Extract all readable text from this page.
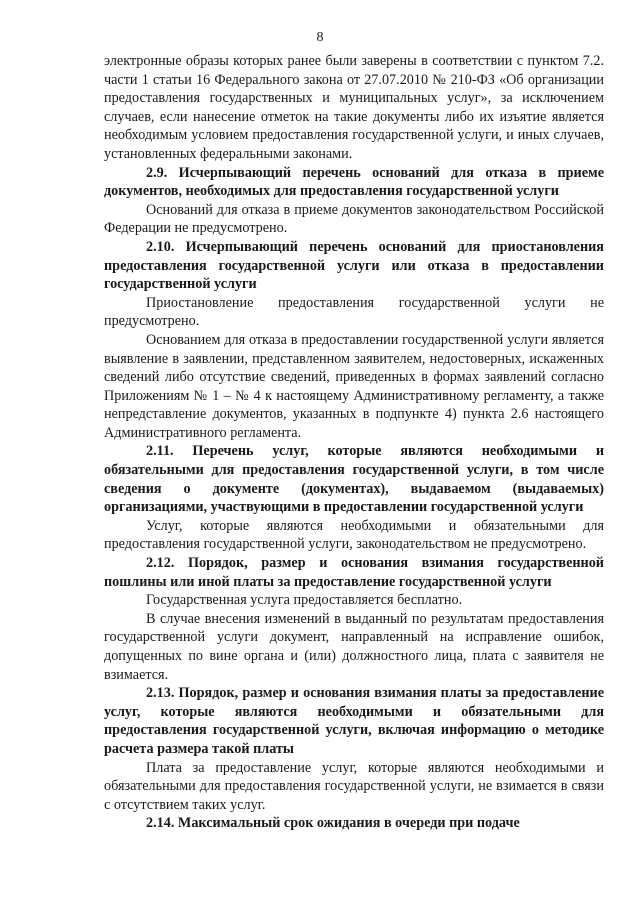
8

электронные образы которых ранее были заверены в соответствии с пунктом 7.2. части 1 статьи 16 Федерального закона от 27.07.2010 № 210-ФЗ «Об организации предоставления государственных и муниципальных услуг», за исключением случаев, если нанесение отметок на такие документы либо их изъятие является необходимым условием предоставления государственной услуги, и иных случаев, установленных федеральными законами.

2.9. Исчерпывающий перечень оснований для отказа в приеме документов, необходимых для предоставления государственной услуги

Оснований для отказа в приеме документов законодательством Российской Федерации не предусмотрено.

2.10. Исчерпывающий перечень оснований для приостановления предоставления государственной услуги или отказа в предоставлении государственной услуги

Приостановление предоставления государственной услуги не предусмотрено.

Основанием для отказа в предоставлении государственной услуги является выявление в заявлении, представленном заявителем, недостоверных, искаженных сведений либо отсутствие сведений, приведенных в формах заявлений согласно Приложениям № 1 – № 4 к настоящему Административному регламенту, а также непредставление документов, указанных в подпункте 4) пункта 2.6 настоящего Административного регламента.

2.11. Перечень услуг, которые являются необходимыми и обязательными для предоставления государственной услуги, в том числе сведения о документе (документах), выдаваемом (выдаваемых) организациями, участвующими в предоставлении государственной услуги

Услуг, которые являются необходимыми и обязательными для предоставления государственной услуги, законодательством не предусмотрено.

2.12. Порядок, размер и основания взимания государственной пошлины или иной платы за предоставление государственной услуги

Государственная услуга предоставляется бесплатно.

В случае внесения изменений в выданный по результатам предоставления государственной услуги документ, направленный на исправление ошибок, допущенных по вине органа и (или) должностного лица, плата с заявителя не взимается.

2.13. Порядок, размер и основания взимания платы за предоставление услуг, которые являются необходимыми и обязательными для предоставления государственной услуги, включая информацию о методике расчета размера такой платы

Плата за предоставление услуг, которые являются необходимыми и обязательными для предоставления государственной услуги, не взимается в связи с отсутствием таких услуг.

2.14. Максимальный срок ожидания в очереди при подаче
